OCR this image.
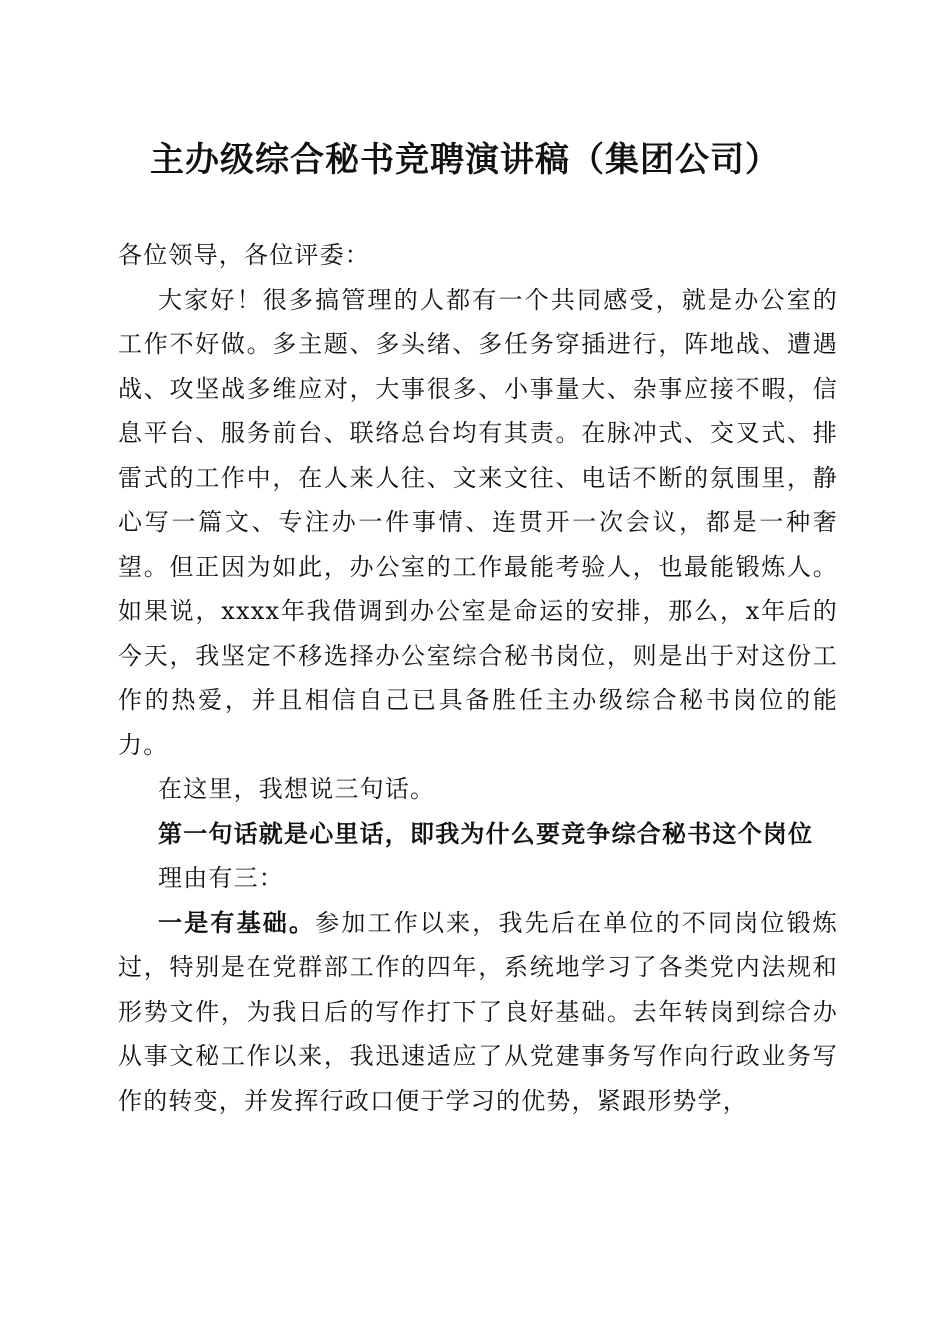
主办级综合秘书竞聘演讲稿（集团公司）

各位领导，各位评委：

大家好！很多搞管理的人都有一个共同感受，就是办公室的工作不好做。多主题、多头绪、多任务穿插进行，阵地战、遭遇战、攻坚战多维应对，大事很多、小事量大、杂事应接不暇，信息平台、服务前台、联络总台均有其责。在脉冲式、交叉式、排雷式的工作中，在人来人往、文来文往、电话不断的氛围里，静心写一篇文、专注办一件事情、连贯开一次会议，都是一种奢望。但正因为如此，办公室的工作最能考验人，也最能锻炼人。如果说，xxxx年我借调到办公室是命运的安排，那么，x年后的今天，我坚定不移选择办公室综合秘书岗位，则是出于对这份工作的热爱，并且相信自己已具备胜任主办级综合秘书岗位的能力。

在这里，我想说三句话。

第一句话就是心里话，即我为什么要竞争综合秘书这个岗位

理由有三：

一是有基础。参加工作以来，我先后在单位的不同岗位锻炼过，特别是在党群部工作的四年，系统地学习了各类党内法规和形势文件，为我日后的写作打下了良好基础。去年转岗到综合办从事文秘工作以来，我迅速适应了从党建事务写作向行政业务写作的转变，并发挥行政口便于学习的优势，紧跟形势学，
